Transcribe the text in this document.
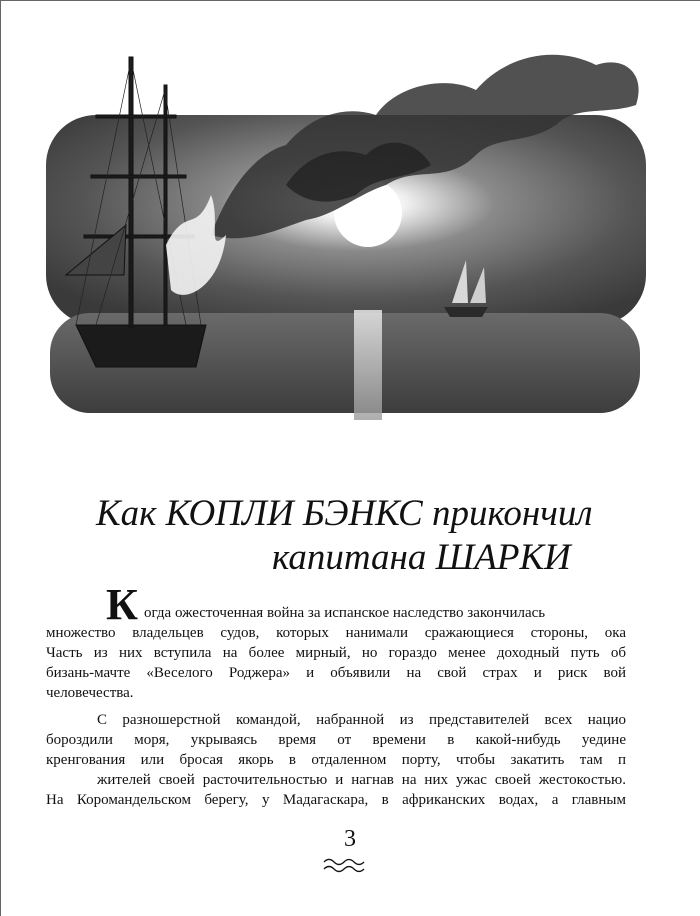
Как КОПЛИ БЭНКС прикончил
капитана ШАРКИ
К огда ожесточенная война за испанское наследство закончилась
множество владельцев судов, которых нанимали сражающиеся стороны, ока
Часть из них вступила на более мирный, но гораздо менее доходный путь об
бизань-мачте «Веселого Роджера» и объявили на свой страх и риск вой
человечества.
С разношерстной командой, набранной из представителей всех нацио
бороздили моря, укрываясь время от времени в какой-нибудь уедине
кренгования или бросая якорь в отдаленном порту, чтобы закатить там п
жителей своей расточительностью и нагнав на них ужас своей жестокостью.
На Коромандельском берегу, у Мадагаскара, в африканских водах, а главным
3
